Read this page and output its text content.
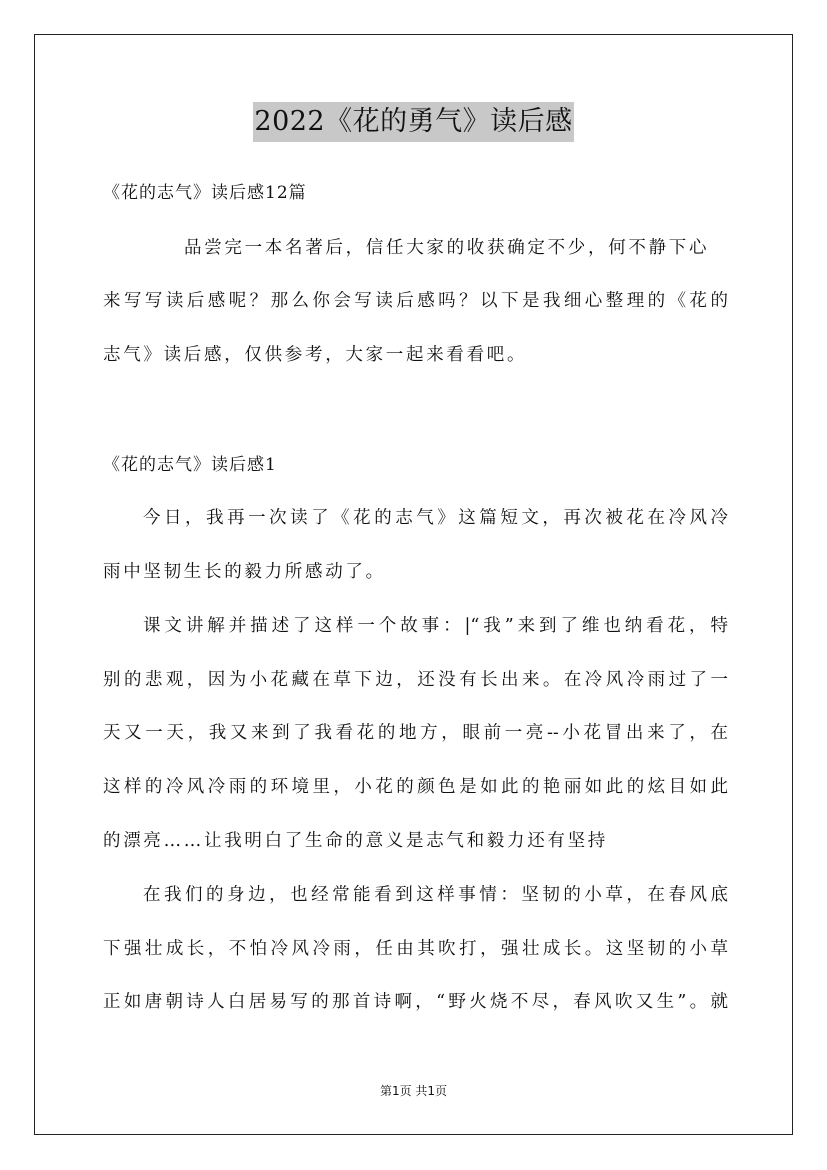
2022《花的勇气》读后感
《花的志气》读后感12篇
品尝完一本名著后，信任大家的收获确定不少，何不静下心
来写写读后感呢？那么你会写读后感吗？以下是我细心整理的《花的
志气》读后感，仅供参考，大家一起来看看吧。
《花的志气》读后感1
今日，我再一次读了《花的志气》这篇短文，再次被花在冷风冷
雨中坚韧生长的毅力所感动了。
课文讲解并描述了这样一个故事：|“我”来到了维也纳看花，特
别的悲观，因为小花藏在草下边，还没有长出来。在冷风冷雨过了一
天又一天，我又来到了我看花的地方，眼前一亮--小花冒出来了，在
这样的冷风冷雨的环境里，小花的颜色是如此的艳丽如此的炫目如此
的漂亮……让我明白了生命的意义是志气和毅力还有坚持
在我们的身边，也经常能看到这样事情：坚韧的小草，在春风底
下强壮成长，不怕冷风冷雨，任由其吹打，强壮成长。这坚韧的小草
正如唐朝诗人白居易写的那首诗啊，“野火烧不尽，春风吹又生”。就
第1页 共1页
